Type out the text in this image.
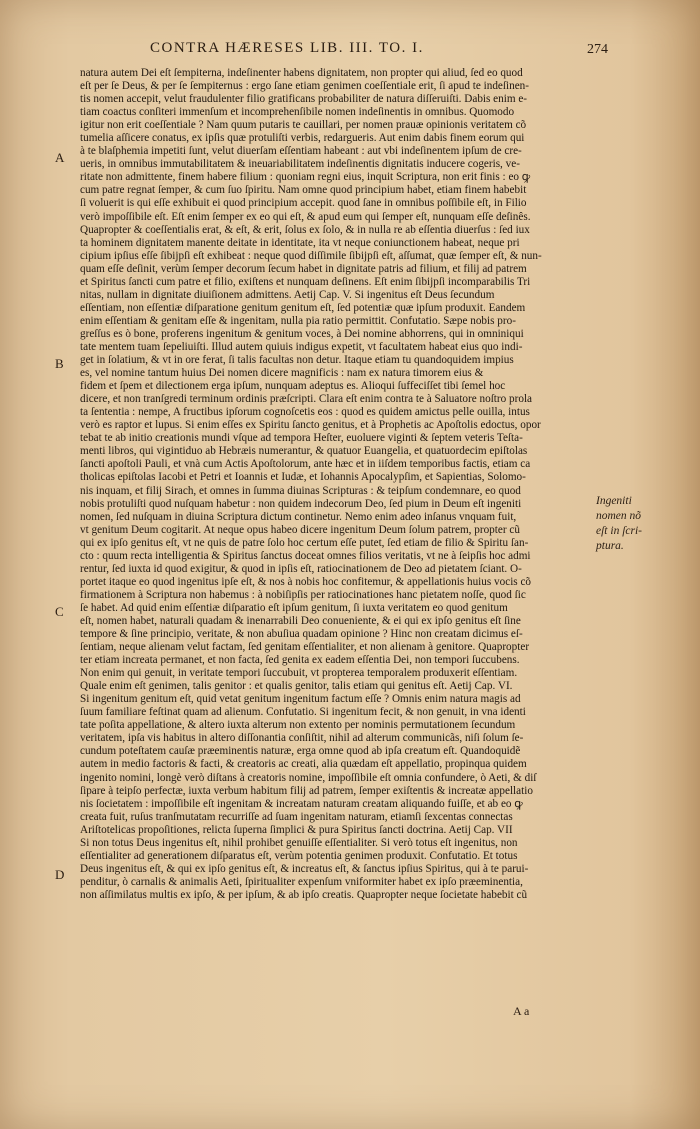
CONTRA HÆRESES LIB. III. TO. I.	274
natura autem Dei eſt ſempiterna, indeſinenter habens dignitatem, non propter qui aliud, ſed eo quod
eſt per ſe Deus, & per ſe ſempiternus : ergo ſane etiam genimen coeſſentiale erit, ſi apud te indeſinen-
tis nomen accepit, velut fraudulenter filio gratificans probabiliter de natura diſſeruiſti. Dabis enim e-
tiam coactus conſiteri immenſum et incomprehenſibile nomen indeſinentis in omnibus. Quomodo
igitur non erit coeſſentiale ? Nam quum putaris te cauillari, per nomen prauæ opinionis veritatem cõ
tumelia aſſicere conatus, ex ipſis quæ protuliſti verbis, redargueris. Aut enim dabis finem eorum qui
à te blaſphemia impetiti ſunt, velut diuerſam eſſentiam habeant : aut vbi indeſinentem ipſum de cre-
ueris, in omnibus immutabilitatem & ineuariabilitatem indeſinentis dignitatis inducere cogeris, ve-
ritate non admittente, finem habere filium : quoniam regni eius, inquit Scriptura, non erit finis : eo ꝙ
cum patre regnat ſemper, & cum ſuo ſpiritu. Nam omne quod principium habet, etiam finem habebit
ſi voluerit is qui eſſe exhibuit ei quod principium accepit. quod ſane in omnibus poſſibile eſt, in Filio
verò impoſſibile eſt. Eſt enim ſemper ex eo qui eſt, & apud eum qui ſemper eſt, nunquam eſſe deſinês.
Quapropter & coeſſentialis erat, & eſt, & erit, ſolus ex ſolo, & in nulla re ab eſſentia diuerſus : ſed iux
ta hominem dignitatem manente deitate in identitate, ita vt neque coniunctionem habeat, neque pri
cipium ipſius eſſe ſibijpſi eſt exhibeat : neque quod diſſimile ſibijpſi eſt, aſſumat, quæ ſemper eſt, & nun-
quam eſſe deſinit, verùm ſemper decorum ſecum habet in dignitate patris ad filium, et filij ad patrem
et Spiritus ſancti cum patre et filio, exiſtens et nunquam deſinens. Eſt enim ſibijpſi incomparabilis Tri
nitas, nullam in dignitate diuiſionem admittens. Aetij Cap. V. Si ingenitus eſt Deus ſecundum
eſſentiam, non eſſentiæ diſparatione genitum genitum eſt, ſed potentiæ quæ ipſum produxit. Eandem
enim eſſentiam & genitam eſſe & ingenitam, nulla pia ratio permittit. Confutatio. Sæpe nobis pro-
greſſus es ò bone, proferens ingenitum & genitum voces, à Dei nomine abhorrens, qui in omniniqui
tate mentem tuam ſepeliuiſti. Illud autem quiuis indigus expetit, vt facultatem habeat eius quo indi-
get in ſolatium, & vt in ore ferat, ſi talis facultas non detur. Itaque etiam tu quandoquidem impius
es, vel nomine tantum huius Dei nomen dicere magnificis : nam ex natura timorem eius &
fidem et ſpem et dilectionem erga ipſum, nunquam adeptus es. Alioqui ſuffeciſſet tibi ſemel hoc
dicere, et non tranſgredi terminum ordinis præſcripti. Clara eſt enim contra te à Saluatore noſtro prola
ta ſententia : nempe, A fructibus ipſorum cognoſcetis eos : quod es quidem amictus pelle ouilla, intus
verò es raptor et lupus. Si enim eſſes ex Spiritu ſancto genitus, et à Prophetis ac Apoſtolis edoctus, opor
tebat te ab initio creationis mundi vſque ad tempora Heſter, euoluere viginti & ſeptem veteris Teſta-
menti libros, qui vigintiduo ab Hebræis numerantur, & quatuor Euangelia, et quatuordecim epiſtolas
ſancti apoſtoli Pauli, et vnà cum Actis Apoſtolorum, ante hæc et in iiſdem temporibus factis, etiam ca
tholicas epiſtolas Iacobi et Petri et Ioannis et Iudæ, et Iohannis Apocalypſim, et Sapientias, Solomo-
nis inquam, et filij Sirach, et omnes in ſumma diuinas Scripturas : & teipſum condemnare, eo quod
nobis protuliſti quod nuſquam habetur : non quidem indecorum Deo, ſed pium in Deum eſt ingeniti
nomen, ſed nuſquam in diuina Scriptura dictum continetur. Nemo enim adeo inſanus vnquam fuit,
vt genitum Deum cogitarit. At neque opus habeo dicere ingenitum Deum ſolum patrem, propter cũ
qui ex ipſo genitus eſt, vt ne quis de patre ſolo hoc certum eſſe putet, ſed etiam de filio & Spiritu ſan-
cto : quum recta intelligentia & Spiritus ſanctus doceat omnes filios veritatis, vt ne à ſeipſis hoc admi
rentur, ſed iuxta id quod exigitur, & quod in ipſis eſt, ratiocinationem de Deo ad pietatem ſciant. O-
portet itaque eo quod ingenitus ipſe eſt, & nos à nobis hoc confitemur, & appellationis huius vocis cõ
firmationem à Scriptura non habemus : à nobiſipſis per ratiocinationes hanc pietatem noſſe, quod ſic
ſe habet. Ad quid enim eſſentiæ diſparatio eſt ipſum genitum, ſi iuxta veritatem eo quod genitum
eſt, nomen habet, naturali quadam & inenarrabili Deo conueniente, & ei qui ex ipſo genitus eſt ſine
tempore & ſine principio, veritate, & non abuſiua quadam opinione ? Hinc non creatam dicimus eſ-
ſentiam, neque alienam velut factam, ſed genitam eſſentialiter, et non alienam à genitore. Quapropter
ter etiam increata permanet, et non facta, ſed genita ex eadem eſſentia Dei, non tempori ſuccubens.
Non enim qui genuit, in veritate tempori ſuccubuit, vt propterea temporalem produxerit eſſentiam.
Quale enim eſt genimen, talis genitor : et qualis genitor, talis etiam qui genitus eſt. Aetij Cap. VI.
Si ingenitum genitum eſt, quid vetat genitum ingenitum factum eſſe ? Omnis enim natura magis ad
ſuum familiare feſtinat quam ad alienum. Confutatio. Si ingenitum fecit, & non genuit, in vna identi
tate poſita appellatione, & altero iuxta alterum non extento per nominis permutationem ſecundum
veritatem, ipſa vis habitus in altero diſſonantia conſiſtit, nihil ad alterum communicãs, niſi ſolum ſe-
cundum poteſtatem cauſæ præeminentis naturæ, erga omne quod ab ipſa creatum eſt. Quandoquidẽ
autem in medio factoris & facti, & creatoris ac creati, alia quædam eſt appellatio, propinqua quidem
ingenito nomini, longè verò diſtans à creatoris nomine, impoſſibile eſt omnia confundere, ò Aeti, & diſ
ſipare à teipſo perfectæ, iuxta verbum habitum filij ad patrem, ſemper exiſtentis & increatæ appellatio
nis ſocietatem : impoſſibile eſt ingenitam & increatam naturam creatam aliquando fuiſſe, et ab eo ꝙ
creata fuit, ruſus tranſmutatam recurriſſe ad ſuam ingenitam naturam, etiamſi ſexcentas connectas
Ariſtotelicas propoſitiones, relicta ſuperna ſimplici & pura Spiritus ſancti doctrina. Aetij Cap. VII
Si non totus Deus ingenitus eſt, nihil prohibet genuiſſe eſſentialiter. Si verò totus eſt ingenitus, non
eſſentialiter ad generationem diſparatus eſt, verùm potentia genimen produxit. Confutatio. Et totus
Deus ingenitus eſt, & qui ex ipſo genitus eſt, & increatus eſt, & ſanctus ipſius Spiritus, qui à te parui-
penditur, ò carnalis & animalis Aeti, ſpiritualiter expenſum vniformiter habet ex ipſo præeminentia,
non aſſimilatus multis ex ipſo, & per ipſum, & ab ipſo creatis. Quapropter neque ſocietate habebit cũ
A
B
C
D
Ingeniti
nomen nõ
eſt in ſcri-
ptura.
A a
